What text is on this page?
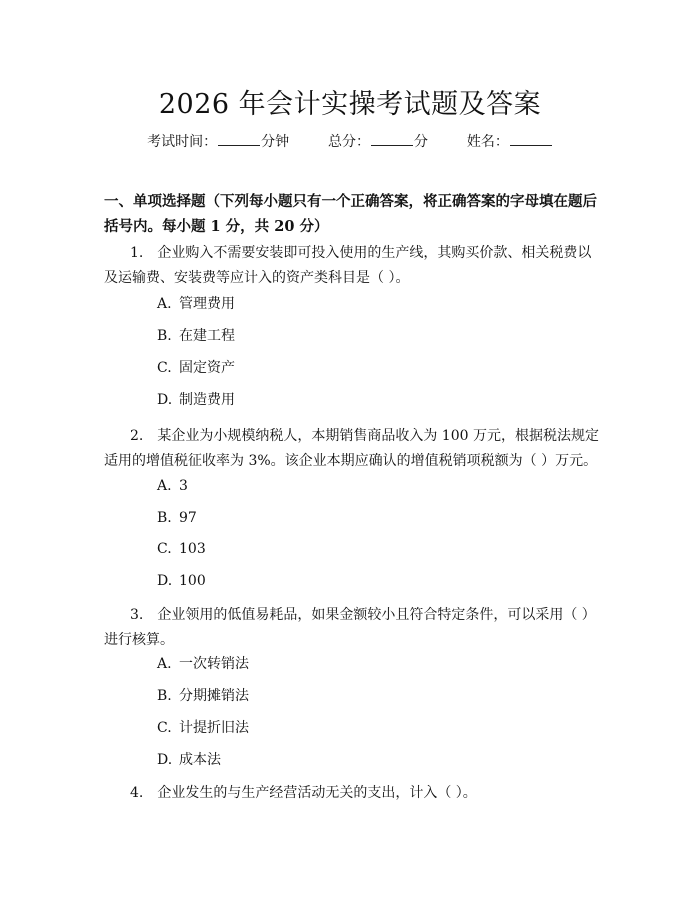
2026 年会计实操考试题及答案
考试时间：	分钟	总分：	分	姓名：
一、单项选择题（下列每小题只有一个正确答案，将正确答案的字母填在题后括号内。每小题 1 分，共 20 分）
1.　企业购入不需要安装即可投入使用的生产线，其购买价款、相关税费以及运输费、安装费等应计入的资产类科目是（ ）。
A. 管理费用
B. 在建工程
C. 固定资产
D. 制造费用
2.　某企业为小规模纳税人，本期销售商品收入为 100 万元，根据税法规定适用的增值税征收率为 3%。该企业本期应确认的增值税销项税额为（ ）万元。
A. 3
B. 97
C. 103
D. 100
3.　企业领用的低值易耗品，如果金额较小且符合特定条件，可以采用（ ）进行核算。
A. 一次转销法
B. 分期摊销法
C. 计提折旧法
D. 成本法
4.　企业发生的与生产经营活动无关的支出，计入（ ）。
